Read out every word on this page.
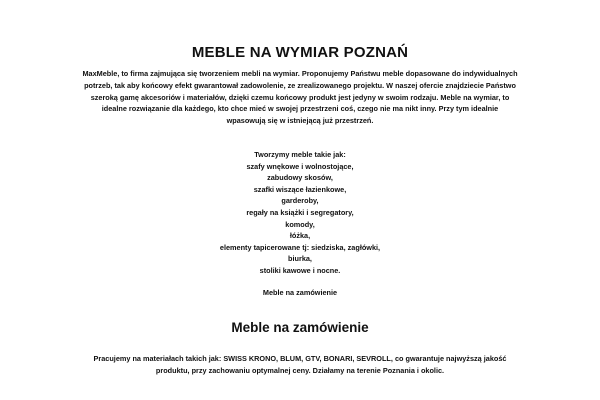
MEBLE NA WYMIAR POZNAŃ

MaxMeble, to firma zajmująca się tworzeniem mebli na wymiar. Proponujemy Państwu meble dopasowane do indywidualnych potrzeb, tak aby końcowy efekt gwarantował zadowolenie, ze zrealizowanego projektu. W naszej ofercie znajdziecie Państwo szeroką gamę akcesoriów i materiałów, dzięki czemu końcowy produkt jest jedyny w swoim rodzaju. Meble na wymiar, to idealne rozwiązanie dla każdego, kto chce mieć w swojej przestrzeni coś, czego nie ma nikt inny. Przy tym idealnie wpasowują się w istniejącą już przestrzeń.

Tworzymy meble takie jak:

szafy wnękowe i wolnostojące,
zabudowy skosów,
szafki wiszące łazienkowe,
garderoby,
regały na książki i segregatory,
komody,
łóżka,
elementy tapicerowane tj: siedziska, zagłówki,
biurka,
stoliki kawowe i nocne.
Meble na zamówienie
Meble na zamówienie

Pracujemy na materiałach takich jak: SWISS KRONO, BLUM, GTV, BONARI, SEVROLL, co gwarantuje najwyższą jakość produktu, przy zachowaniu optymalnej ceny. Działamy na terenie Poznania i okolic.
